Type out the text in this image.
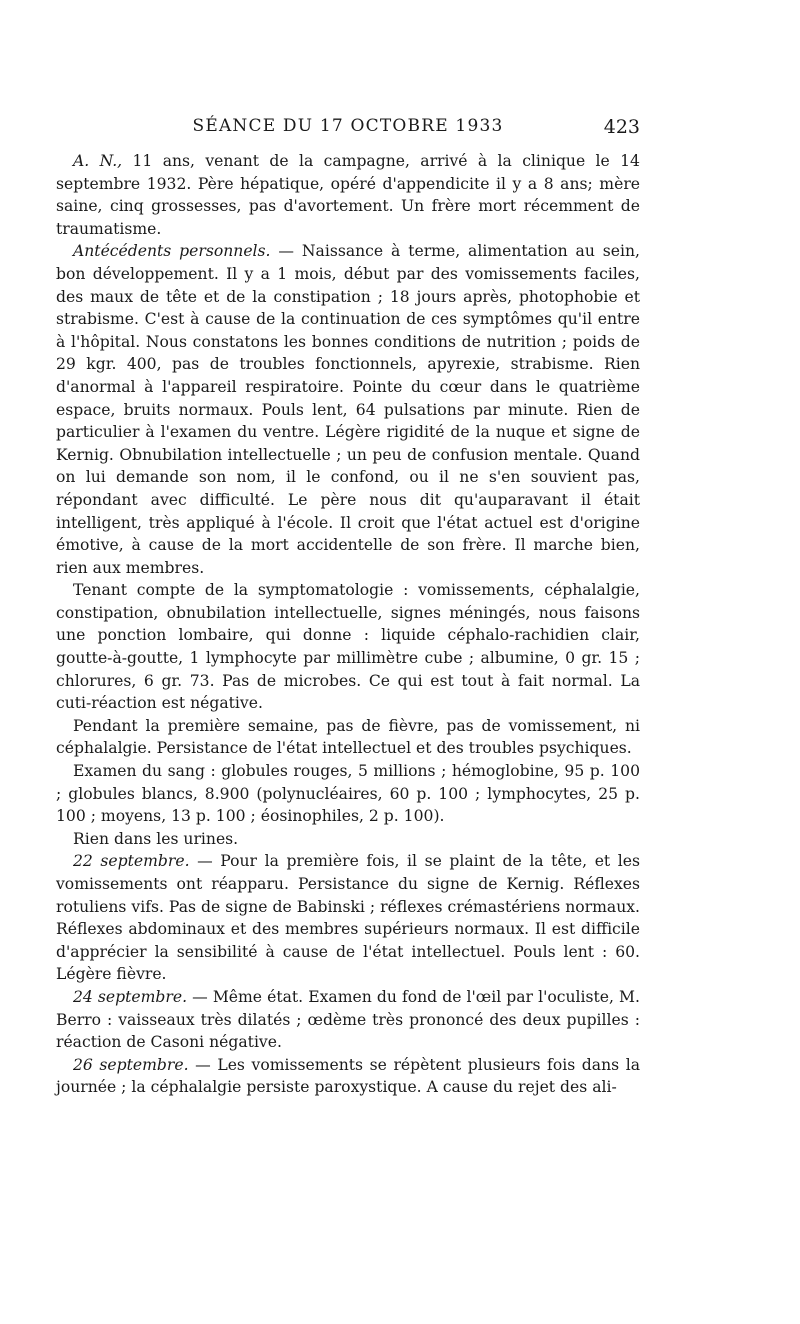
SÉANCE DU 17 OCTOBRE 1933	423

A. N., 11 ans, venant de la campagne, arrivé à la clinique le 14 septembre 1932. Père hépatique, opéré d'appendicite il y a 8 ans; mère saine, cinq grossesses, pas d'avortement. Un frère mort récemment de traumatisme.

Antécédents personnels. — Naissance à terme, alimentation au sein, bon développement. Il y a 1 mois, début par des vomissements faciles, des maux de tête et de la constipation ; 18 jours après, photophobie et strabisme. C'est à cause de la continuation de ces symptômes qu'il entre à l'hôpital. Nous constatons les bonnes conditions de nutrition ; poids de 29 kgr. 400, pas de troubles fonctionnels, apyrexie, strabisme. Rien d'anormal à l'appareil respiratoire. Pointe du cœur dans le quatrième espace, bruits normaux. Pouls lent, 64 pulsations par minute. Rien de particulier à l'examen du ventre. Légère rigidité de la nuque et signe de Kernig. Obnubilation intellectuelle ; un peu de confusion mentale. Quand on lui demande son nom, il le confond, ou il ne s'en souvient pas, répondant avec difficulté. Le père nous dit qu'auparavant il était intelligent, très appliqué à l'école. Il croit que l'état actuel est d'origine émotive, à cause de la mort accidentelle de son frère. Il marche bien, rien aux membres.

Tenant compte de la symptomatologie : vomissements, céphalalgie, constipation, obnubilation intellectuelle, signes méningés, nous faisons une ponction lombaire, qui donne : liquide céphalo-rachidien clair, goutte-à-goutte, 1 lymphocyte par millimètre cube ; albumine, 0 gr. 15 ; chlorures, 6 gr. 73. Pas de microbes. Ce qui est tout à fait normal. La cuti-réaction est négative.

Pendant la première semaine, pas de fièvre, pas de vomissement, ni céphalalgie. Persistance de l'état intellectuel et des troubles psychiques.

Examen du sang : globules rouges, 5 millions ; hémoglobine, 95 p. 100 ; globules blancs, 8.900 (polynucléaires, 60 p. 100 ; lymphocytes, 25 p. 100 ; moyens, 13 p. 100 ; éosinophiles, 2 p. 100).

Rien dans les urines.

22 septembre. — Pour la première fois, il se plaint de la tête, et les vomissements ont réapparu. Persistance du signe de Kernig. Réflexes rotuliens vifs. Pas de signe de Babinski ; réflexes crémastériens normaux. Réflexes abdominaux et des membres supérieurs normaux. Il est difficile d'apprécier la sensibilité à cause de l'état intellectuel. Pouls lent : 60. Légère fièvre.

24 septembre. — Même état. Examen du fond de l'œil par l'oculiste, M. Berro : vaisseaux très dilatés ; œdème très prononcé des deux pupilles : réaction de Casoni négative.

26 septembre. — Les vomissements se répètent plusieurs fois dans la journée ; la céphalalgie persiste paroxystique. A cause du rejet des ali-
